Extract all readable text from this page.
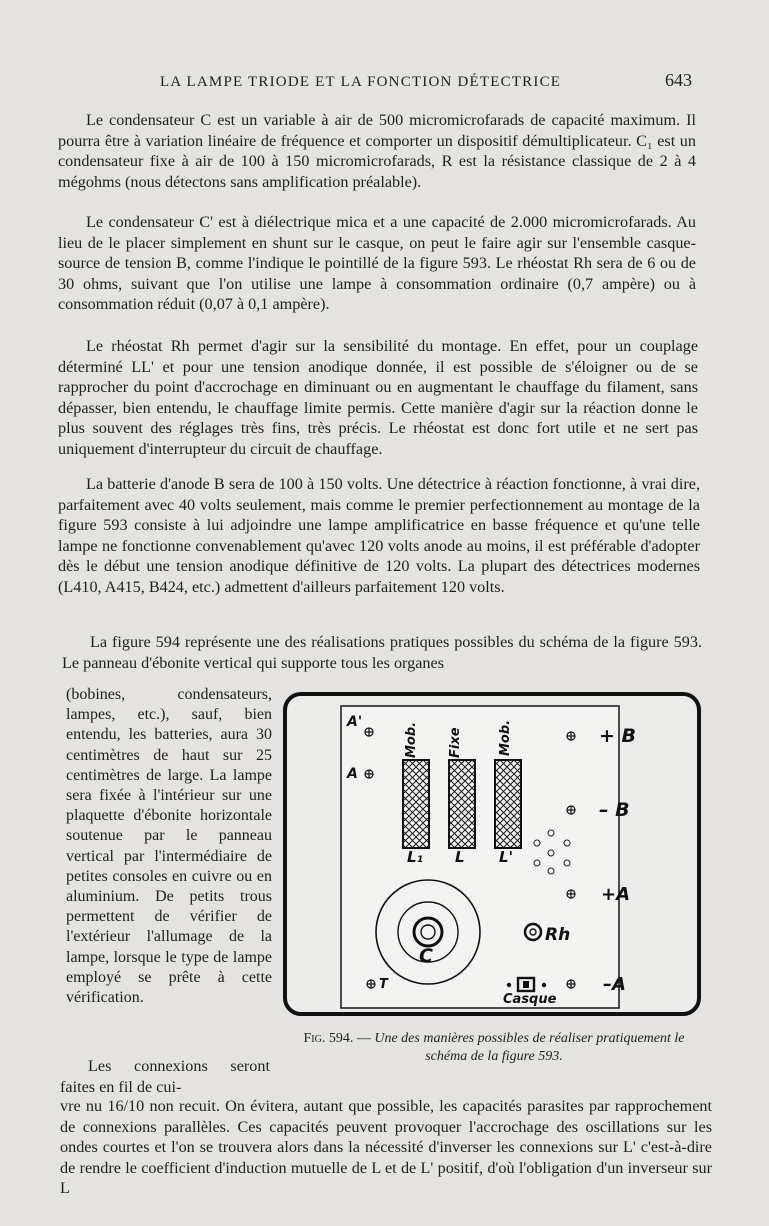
LA LAMPE TRIODE ET LA FONCTION DÉTECTRICE	643

Le condensateur C est un variable à air de 500 micromicrofarads de capacité maximum. Il pourra être à variation linéaire de fréquence et comporter un dispositif démultiplicateur. C₁ est un condensateur fixe à air de 100 à 150 micromicrofarads, R est la résistance classique de 2 à 4 mégohms (nous détectons sans amplification préalable).

Le condensateur C' est à diélectrique mica et a une capacité de 2.000 micromicrofarads. Au lieu de le placer simplement en shunt sur le casque, on peut le faire agir sur l'ensemble casque-source de tension B, comme l'indique le pointillé de la figure 593. Le rhéostat Rh sera de 6 ou de 30 ohms, suivant que l'on utilise une lampe à consommation ordinaire (0,7 ampère) ou à consommation réduit (0,07 à 0,1 ampère).

Le rhéostat Rh permet d'agir sur la sensibilité du montage. En effet, pour un couplage déterminé LL' et pour une tension anodique donnée, il est possible de s'éloigner ou de se rapprocher du point d'accrochage en diminuant ou en augmentant le chauffage du filament, sans dépasser, bien entendu, le chauffage limite permis. Cette manière d'agir sur la réaction donne le plus souvent des réglages très fins, très précis. Le rhéostat est donc fort utile et ne sert pas uniquement d'interrupteur du circuit de chauffage.

La batterie d'anode B sera de 100 à 150 volts. Une détectrice à réaction fonctionne, à vrai dire, parfaitement avec 40 volts seulement, mais comme le premier perfectionnement au montage de la figure 593 consiste à lui adjoindre une lampe amplificatrice en basse fréquence et qu'une telle lampe ne fonctionne convenablement qu'avec 120 volts anode au moins, il est préférable d'adopter dès le début une tension anodique définitive de 120 volts. La plupart des détectrices modernes (L410, A415, B424, etc.) admettent d'ailleurs parfaitement 120 volts.

La figure 594 représente une des réalisations pratiques possibles du schéma de la figure 593. Le panneau d'ébonite vertical qui supporte tous les organes

(bobines, condensateurs, lampes, etc.), sauf, bien entendu, les batteries, aura 30 centimètres de haut sur 25 centimètres de large. La lampe sera fixée à l'intérieur sur une plaquette d'ébonite horizontale soutenue par le panneau vertical par l'intermédiaire de petites consoles en cuivre ou en aluminium. De petits trous permettent de vérifier de l'extérieur l'allumage de la lampe, lorsque le type de lampe employé se prête à cette vérification.

Les connexions seront faites en fil de cui-

vre nu 16/10 non recuit. On évitera, autant que possible, les capacités parasites par rapprochement de connexions parallèles. Ces capacités peuvent provoquer l'accrochage des oscillations sur les ondes courtes et l'on se trouvera alors dans la nécessité d'inverser les connexions sur L' c'est-à-dire de rendre le coefficient d'induction mutuelle de L et de L' positif, d'où l'obligation d'un inverseur sur L

A'
A
Mob. Fixe	Mob.
L₁ L L'
+ B
– B
+A
–A
Rh
C
T
Casque

Fig. 594. — Une des manières possibles de réaliser pratiquement le schéma de la figure 593.
